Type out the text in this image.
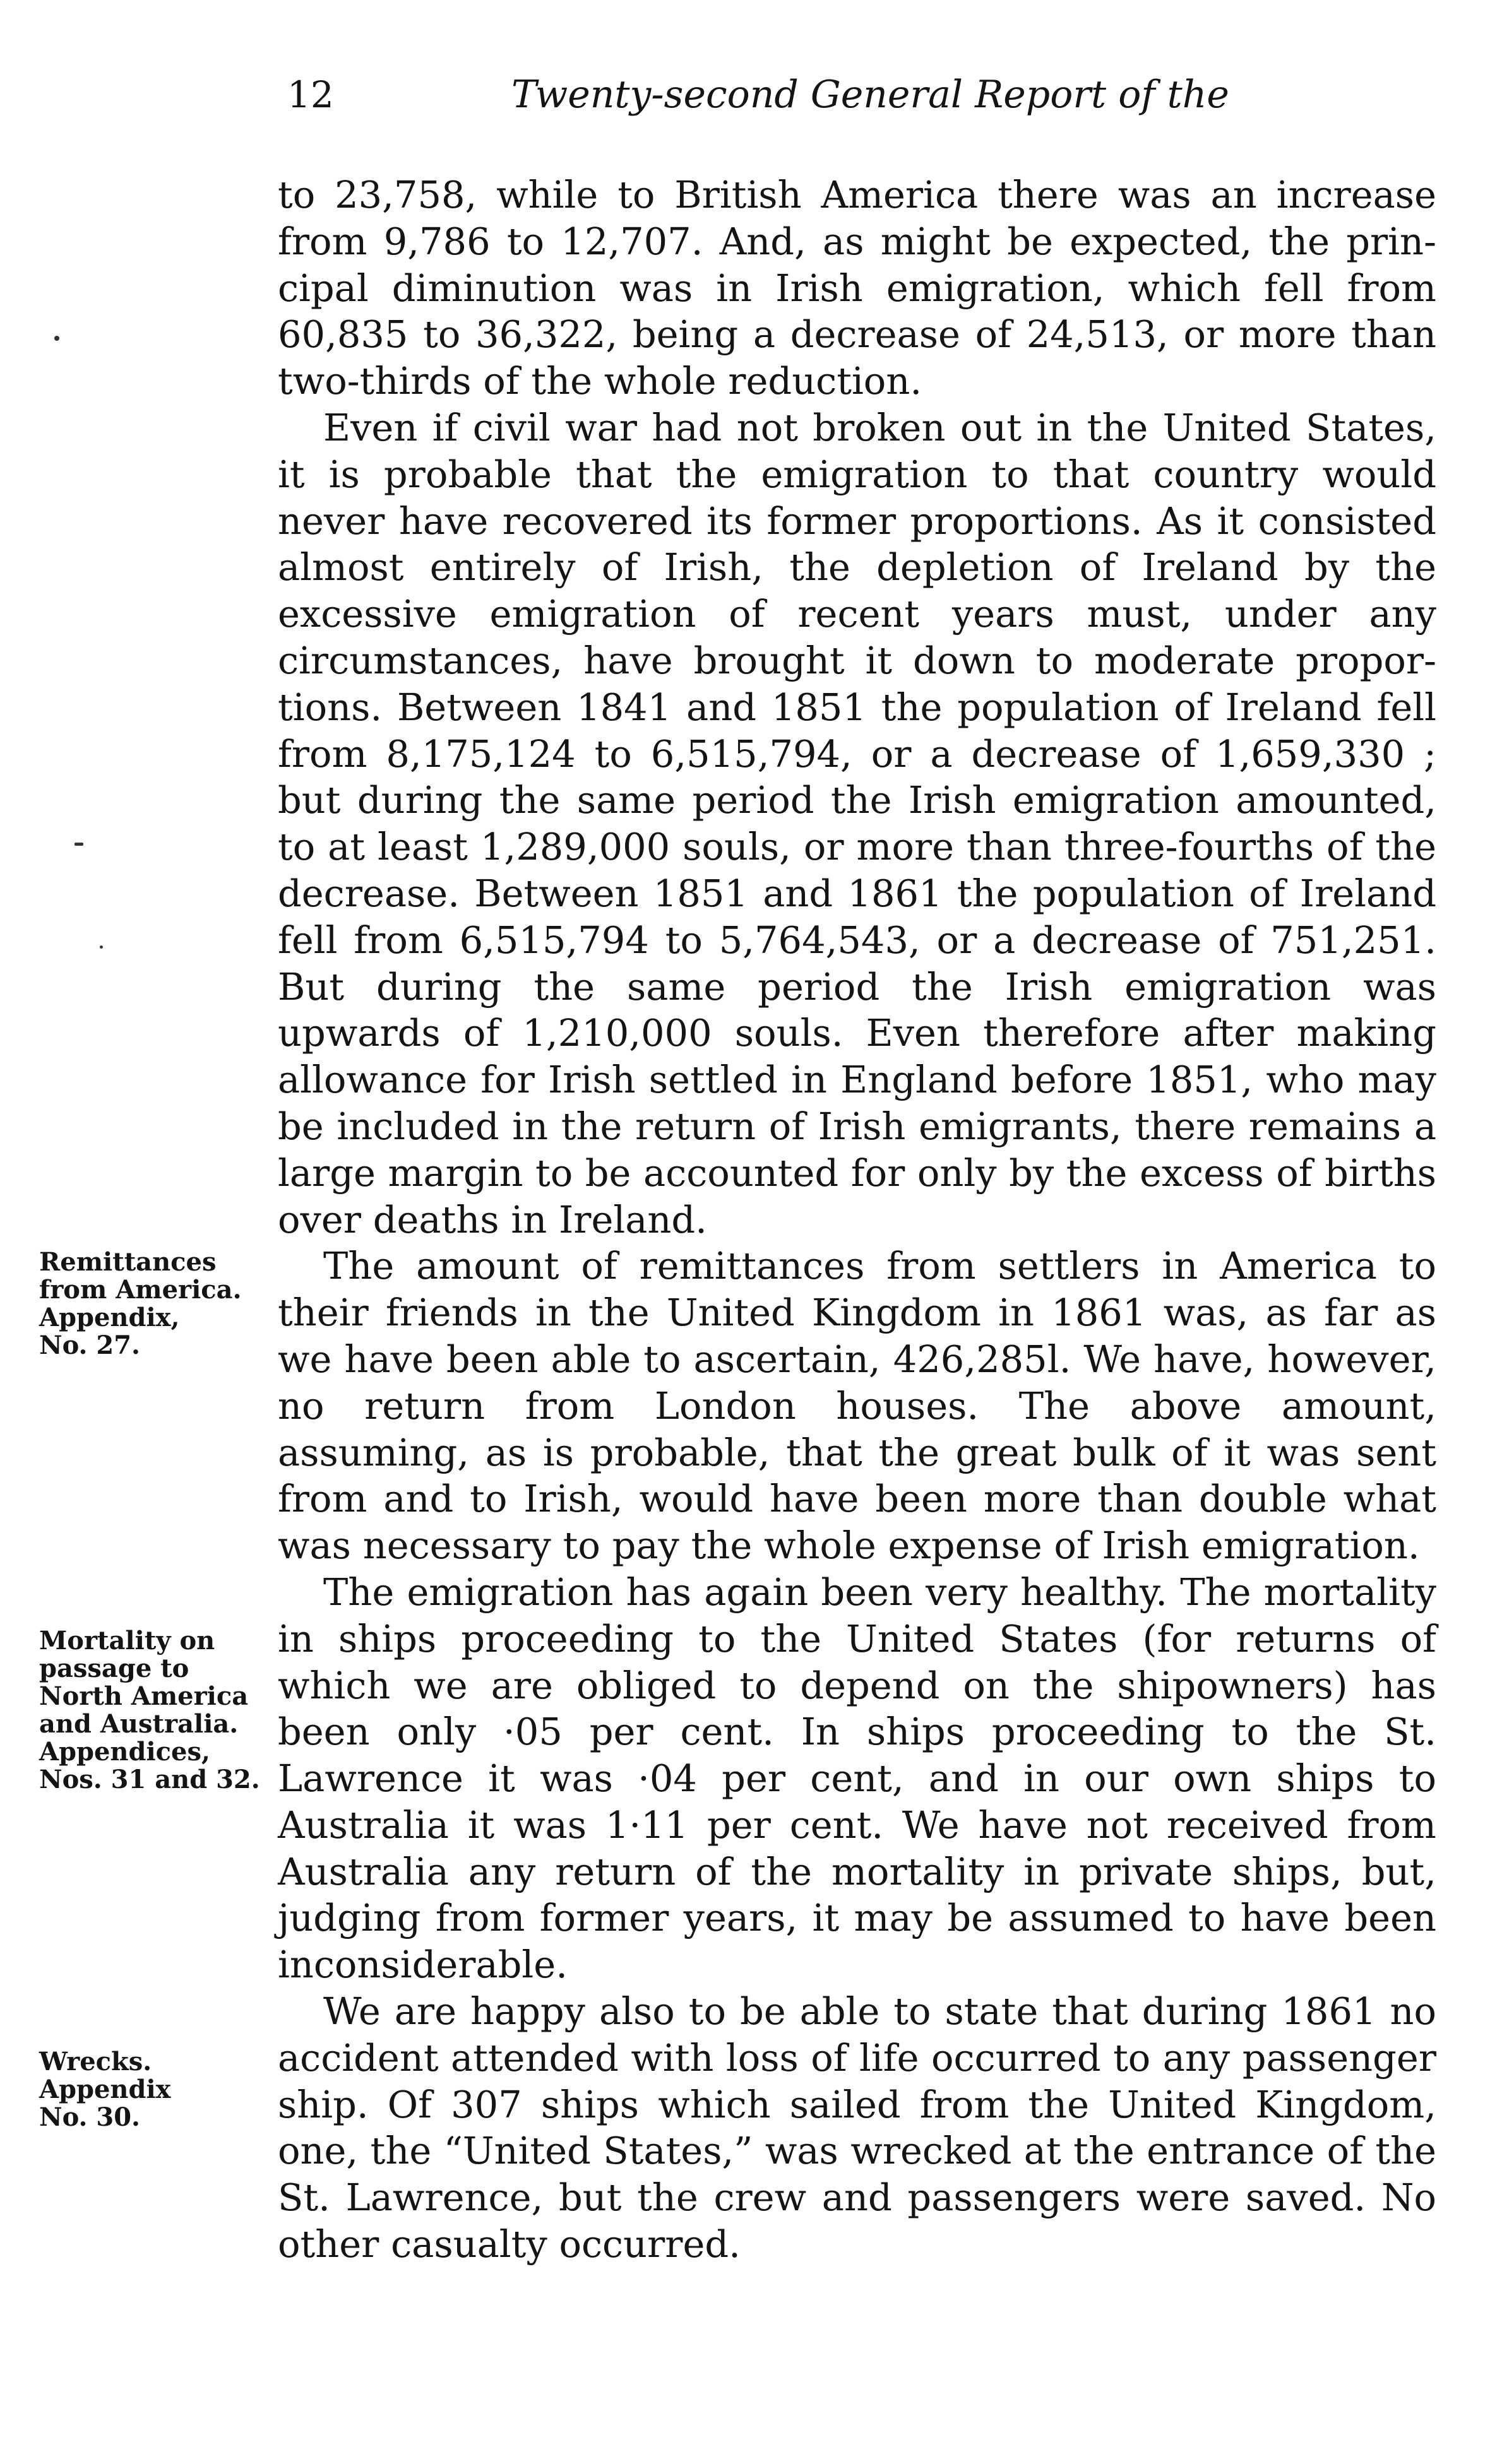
12	Twenty-second General Report of the

to 23,758, while to British America there was an increase from 9,786 to 12,707. And, as might be expected, the principal diminution was in Irish emigration, which fell from 60,835 to 36,322, being a decrease of 24,513, or more than two-thirds of the whole reduction.

Even if civil war had not broken out in the United States, it is probable that the emigration to that country would never have recovered its former proportions. As it consisted almost entirely of Irish, the depletion of Ireland by the excessive emigration of recent years must, under any circumstances, have brought it down to moderate proportions. Between 1841 and 1851 the population of Ireland fell from 8,175,124 to 6,515,794, or a decrease of 1,659,330 ; but during the same period the Irish emigration amounted, to at least 1,289,000 souls, or more than three-fourths of the decrease. Between 1851 and 1861 the population of Ireland fell from 6,515,794 to 5,764,543, or a decrease of 751,251. But during the same period the Irish emigration was upwards of 1,210,000 souls. Even therefore after making allowance for Irish settled in England before 1851, who may be included in the return of Irish emigrants, there remains a large margin to be accounted for only by the excess of births over deaths in Ireland.

The amount of remittances from settlers in America to their friends in the United Kingdom in 1861 was, as far as we have been able to ascertain, 426,285l. We have, however, no return from London houses. The above amount, assuming, as is probable, that the great bulk of it was sent from and to Irish, would have been more than double what was necessary to pay the whole expense of Irish emigration.

The emigration has again been very healthy. The mortality in ships proceeding to the United States (for returns of which we are obliged to depend on the shipowners) has been only ·05 per cent. In ships proceeding to the St. Lawrence it was ·04 per cent, and in our own ships to Australia it was 1·11 per cent. We have not received from Australia any return of the mortality in private ships, but, judging from former years, it may be assumed to have been inconsiderable.

We are happy also to be able to state that during 1861 no accident attended with loss of life occurred to any passenger ship. Of 307 ships which sailed from the United Kingdom, one, the “United States,” was wrecked at the entrance of the St. Lawrence, but the crew and passengers were saved. No other casualty occurred.

Remittances
from America.
Appendix,
No. 27.
Mortality on
passage to
North America
and Australia.
Appendices,
Nos. 31 and 32.
Wrecks.
Appendix
No. 30.
